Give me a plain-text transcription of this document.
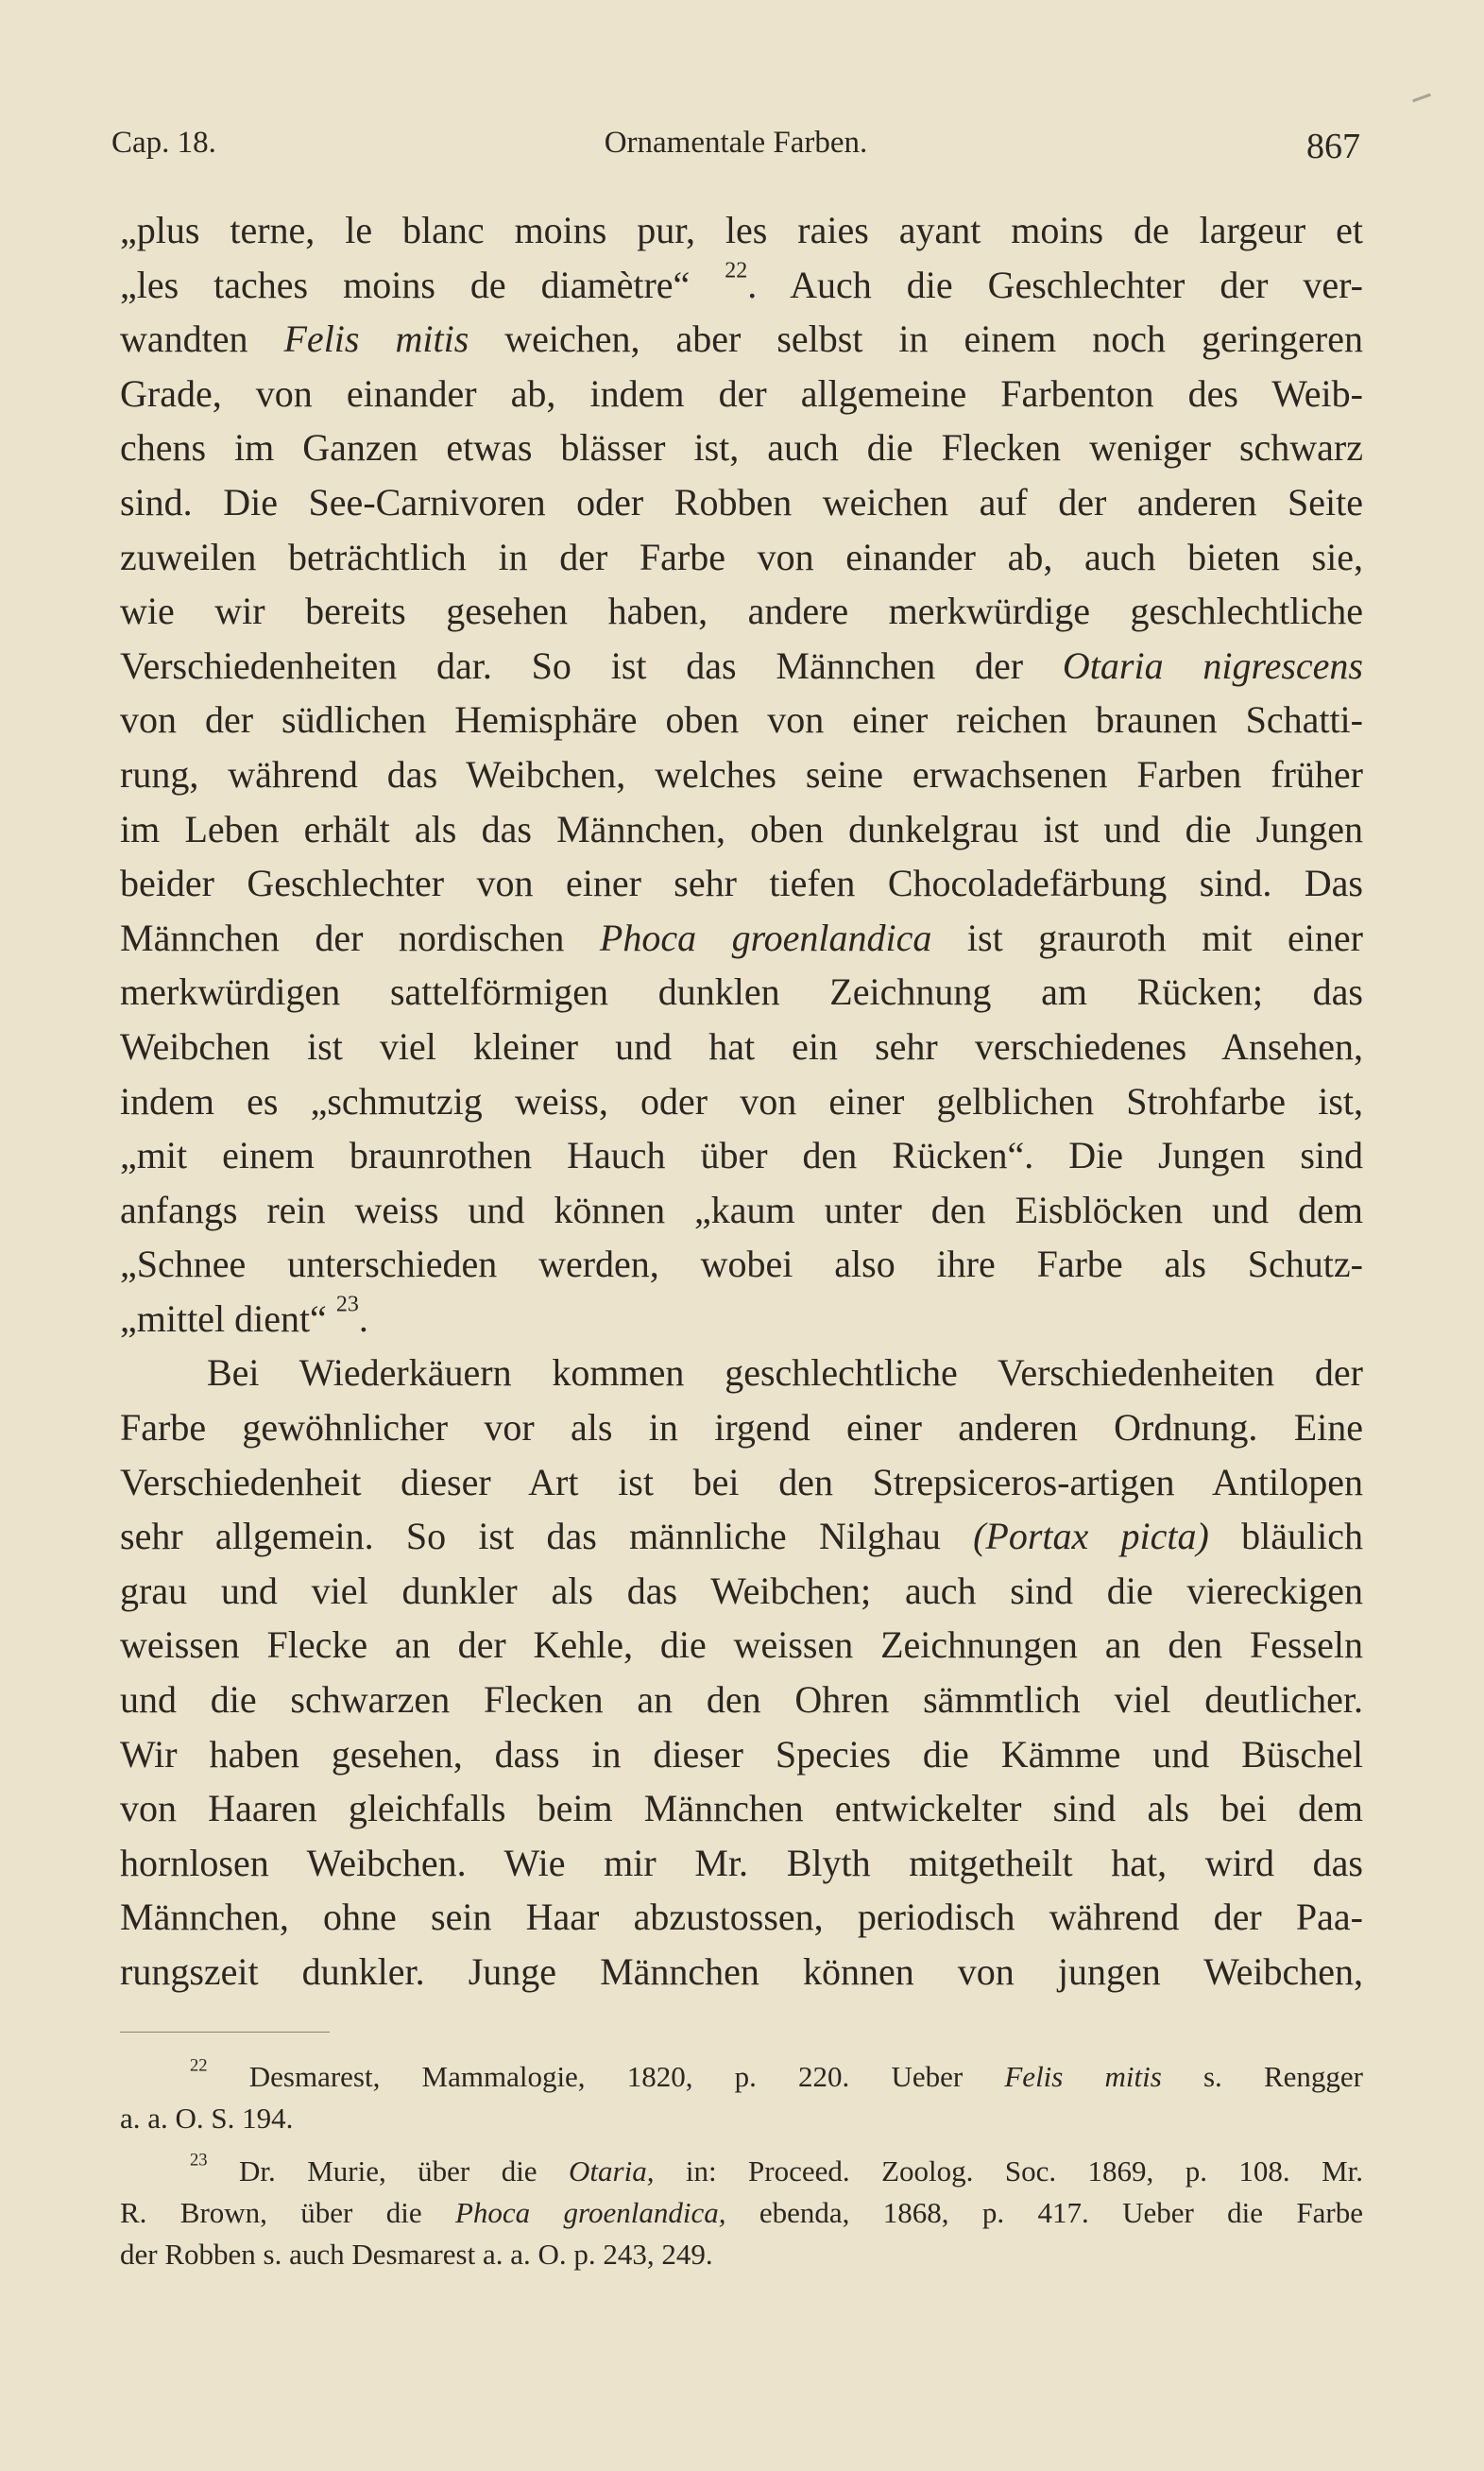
Cap. 18.	Ornamentale Farben.	867
„plus terne, le blanc moins pur, les raies ayant moins de largeur et
„les taches moins de diamètre“ $^{22}$. Auch die Geschlechter der ver-
wandten Felis mitis weichen, aber selbst in einem noch geringeren
Grade, von einander ab, indem der allgemeine Farbenton des Weib-
chens im Ganzen etwas blässer ist, auch die Flecken weniger schwarz
sind. Die See-Carnivoren oder Robben weichen auf der anderen Seite
zuweilen beträchtlich in der Farbe von einander ab, auch bieten sie,
wie wir bereits gesehen haben, andere merkwürdige geschlechtliche
Verschiedenheiten dar. So ist das Männchen der Otaria nigrescens
von der südlichen Hemisphäre oben von einer reichen braunen Schatti-
rung, während das Weibchen, welches seine erwachsenen Farben früher
im Leben erhält als das Männchen, oben dunkelgrau ist und die Jungen
beider Geschlechter von einer sehr tiefen Chocoladefärbung sind. Das
Männchen der nordischen Phoca groenlandica ist grauroth mit einer
merkwürdigen sattelförmigen dunklen Zeichnung am Rücken; das
Weibchen ist viel kleiner und hat ein sehr verschiedenes Ansehen,
indem es „schmutzig weiss, oder von einer gelblichen Strohfarbe ist,
„mit einem braunrothen Hauch über den Rücken“. Die Jungen sind
anfangs rein weiss und können „kaum unter den Eisblöcken und dem
„Schnee unterschieden werden, wobei also ihre Farbe als Schutz-
„mittel dient“ $^{23}$.
Bei Wiederkäuern kommen geschlechtliche Verschiedenheiten der
Farbe gewöhnlicher vor als in irgend einer anderen Ordnung. Eine
Verschiedenheit dieser Art ist bei den Strepsiceros-artigen Antilopen
sehr allgemein. So ist das männliche Nilghau (Portax picta) bläulich
grau und viel dunkler als das Weibchen; auch sind die viereckigen
weissen Flecke an der Kehle, die weissen Zeichnungen an den Fesseln
und die schwarzen Flecken an den Ohren sämmtlich viel deutlicher.
Wir haben gesehen, dass in dieser Species die Kämme und Büschel
von Haaren gleichfalls beim Männchen entwickelter sind als bei dem
hornlosen Weibchen. Wie mir Mr. Blyth mitgetheilt hat, wird das
Männchen, ohne sein Haar abzustossen, periodisch während der Paa-
rungszeit dunkler. Junge Männchen können von jungen Weibchen,
$^{22}$ Desmarest, Mammalogie, 1820, p. 220. Ueber Felis mitis s. Rengger
a. a. O. S. 194.
$^{23}$ Dr. Murie, über die Otaria, in: Proceed. Zoolog. Soc. 1869, p. 108. Mr.
R. Brown, über die Phoca groenlandica, ebenda, 1868, p. 417. Ueber die Farbe
der Robben s. auch Desmarest a. a. O. p. 243, 249.
